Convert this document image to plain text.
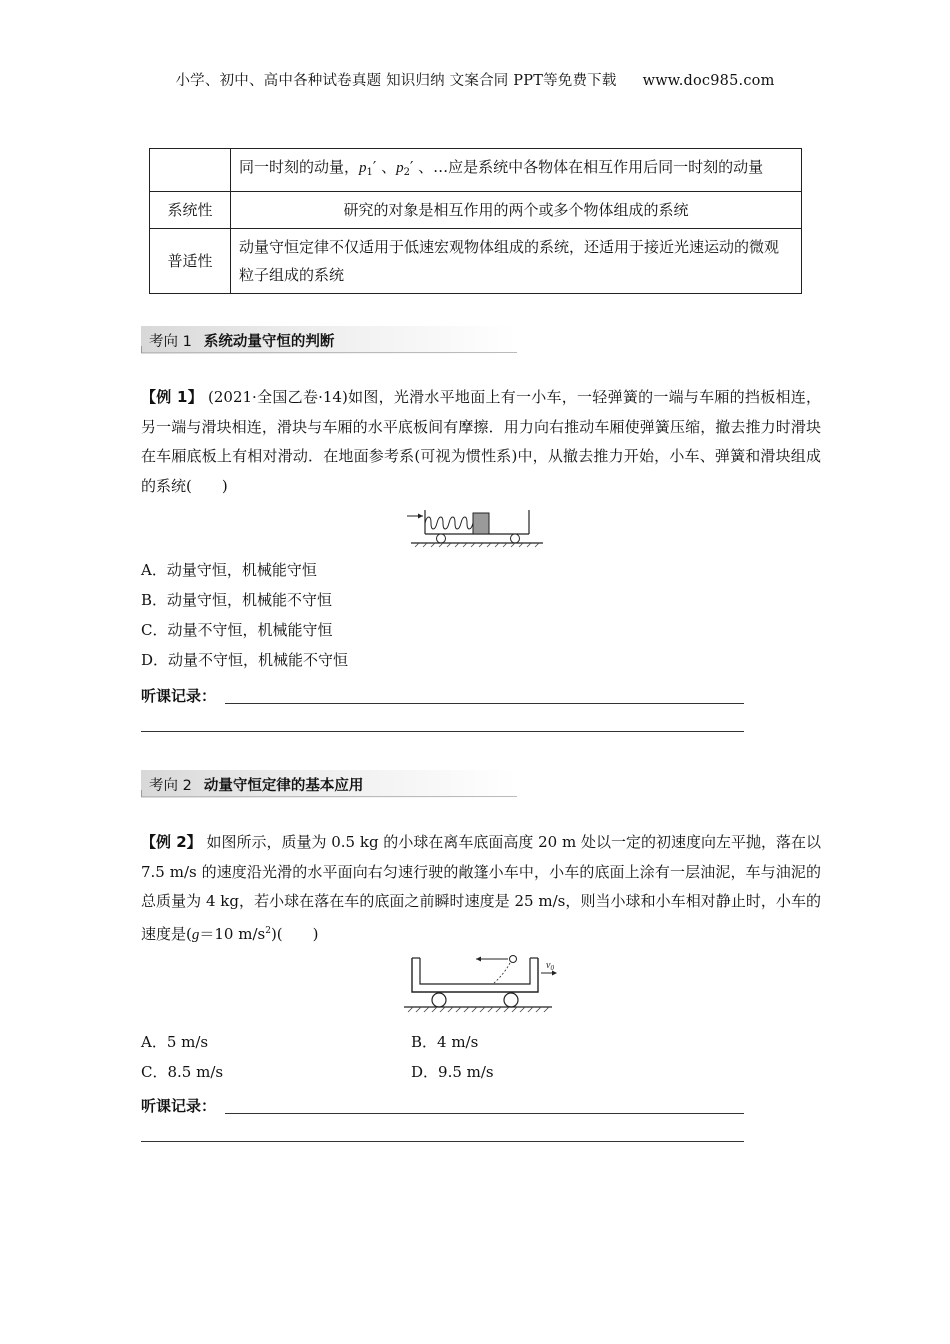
小学、初中、高中各种试卷真题 知识归纳 文案合同 PPT等免费下载 www.doc985.com
	同一时刻的动量，$p_1'$ 、$p_2'$ 、…应是系统中各物体在相互作用后同一时刻的动量
系统性	研究的对象是相互作用的两个或多个物体组成的系统
普适性	动量守恒定律不仅适用于低速宏观物体组成的系统，还适用于接近光速运动的微观粒子组成的系统
考向 1 系统动量守恒的判断
【例 1】 (2021·全国乙卷·14)如图，光滑水平地面上有一小车，一轻弹簧的一端与车厢的挡板相连，另一端与滑块相连，滑块与车厢的水平底板间有摩擦．用力向右推动车厢使弹簧压缩，撤去推力时滑块在车厢底板上有相对滑动．在地面参考系(可视为惯性系)中，从撤去推力开始，小车、弹簧和滑块组成的系统(　　)
A．动量守恒，机械能守恒
B．动量守恒，机械能不守恒
C．动量不守恒，机械能守恒
D．动量不守恒，机械能不守恒
听课记录：
考向 2 动量守恒定律的基本应用
【例 2】 如图所示，质量为 0.5 kg 的小球在离车底面高度 20 m 处以一定的初速度向左平抛，落在以 7.5 m/s 的速度沿光滑的水平面向右匀速行驶的敞篷小车中，小车的底面上涂有一层油泥，车与油泥的总质量为 4 kg，若小球在落在车的底面之前瞬时速度是 25 m/s，则当小球和小车相对静止时，小车的速度是(g＝10 $m/s^2$)(　　)
$v_0$
A．5 m/s
C．8.5 m/s
B．4 m/s
D．9.5 m/s
听课记录：
